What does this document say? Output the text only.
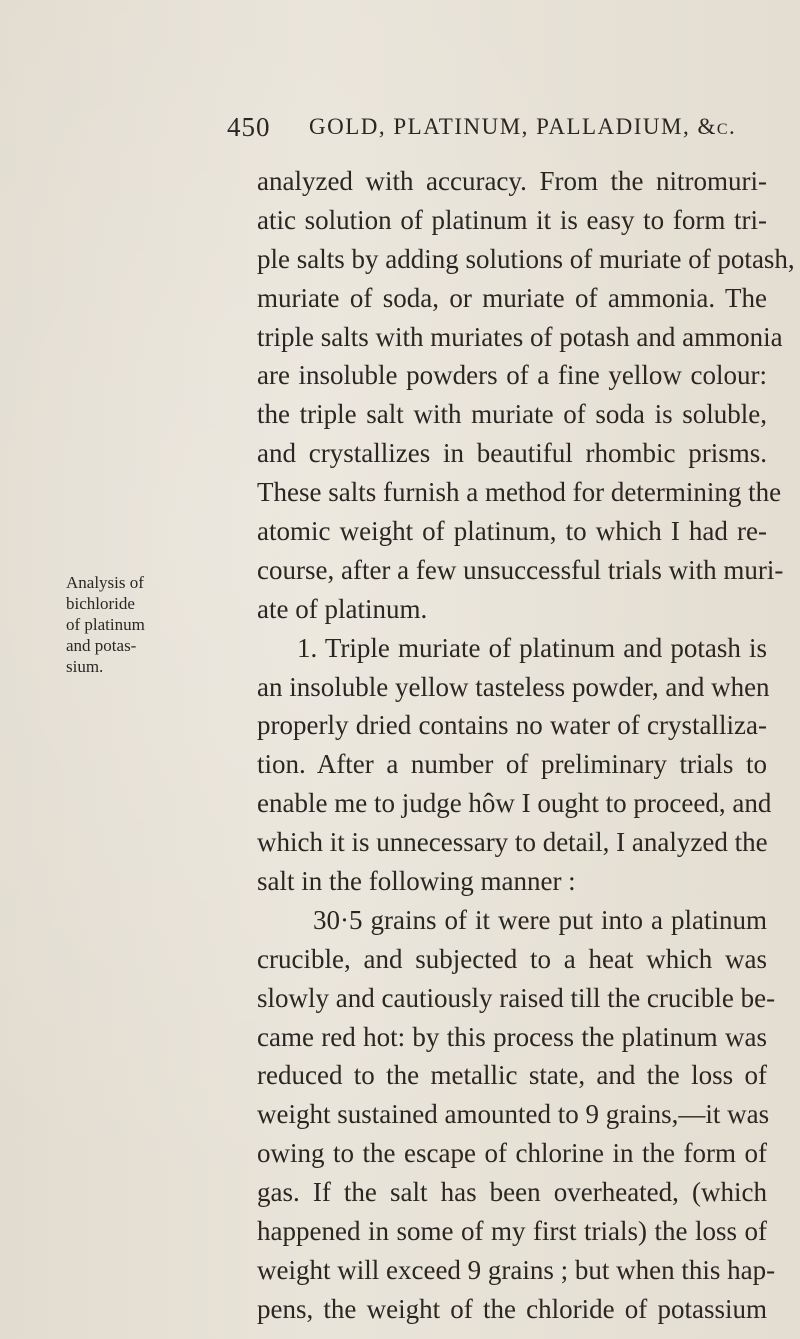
450 GOLD, PLATINUM, PALLADIUM, &c.
Analysis of
bichloride
of platinum
and potas-
sium.
analyzed with accuracy. From the nitromuri-
atic solution of platinum it is easy to form tri-
ple salts by adding solutions of muriate of potash,
muriate of soda, or muriate of ammonia. The
triple salts with muriates of potash and ammonia
are insoluble powders of a fine yellow colour:
the triple salt with muriate of soda is soluble,
and crystallizes in beautiful rhombic prisms.
These salts furnish a method for determining the
atomic weight of platinum, to which I had re-
course, after a few unsuccessful trials with muri-
ate of platinum.
1. Triple muriate of platinum and potash is
an insoluble yellow tasteless powder, and when
properly dried contains no water of crystalliza-
tion. After a number of preliminary trials to
enable me to judge hôw I ought to proceed, and
which it is unnecessary to detail, I analyzed the
salt in the following manner :
30·5 grains of it were put into a platinum
crucible, and subjected to a heat which was
slowly and cautiously raised till the crucible be-
came red hot: by this process the platinum was
reduced to the metallic state, and the loss of
weight sustained amounted to 9 grains,—it was
owing to the escape of chlorine in the form of
gas. If the salt has been overheated, (which
happened in some of my first trials) the loss of
weight will exceed 9 grains ; but when this hap-
pens, the weight of the chloride of potassium
